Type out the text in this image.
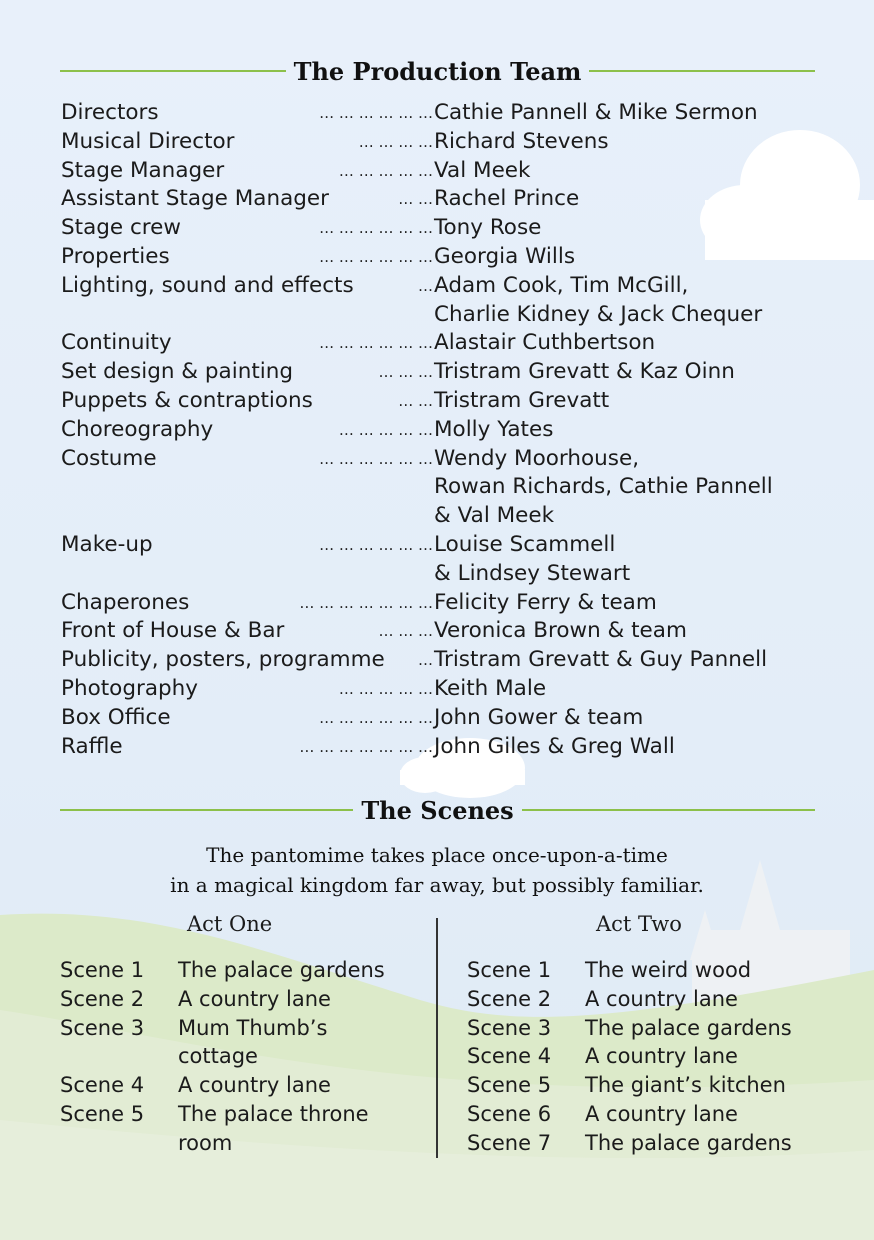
The Production Team
Directors	… … … … … … Cathie Pannell & Mike Sermon
Musical Director	… … … … Richard Stevens
Stage Manager	… … … … … Val Meek
Assistant Stage Manager	… … Rachel Prince
Stage crew	… … … … … … Tony Rose
Properties	… … … … … … Georgia Wills
Lighting, sound and effects	… Adam Cook, Tim McGill,
Charlie Kidney & Jack Chequer
Continuity	… … … … … … Alastair Cuthbertson
Set design & painting	… … … Tristram Grevatt & Kaz Oinn
Puppets & contraptions	… … Tristram Grevatt
Choreography	… … … … … Molly Yates
Costume	… … … … … … Wendy Moorhouse,
Rowan Richards, Cathie Pannell
& Val Meek
Make-up	… … … … … … Louise Scammell
& Lindsey Stewart
Chaperones	… … … … … … … Felicity Ferry & team
Front of House & Bar	… … … Veronica Brown & team
Publicity, posters, programme … Tristram Grevatt & Guy Pannell
Photography	… … … … … Keith Male
Box Office	… … … … … … John Gower & team
Raffle	… … … … … … … John Giles & Greg Wall
The Scenes
The pantomime takes place once-upon-a-time
in a magical kingdom far away, but possibly familiar.
Act One	Act Two
Scene 1	The palace gardens
Scene 2	A country lane
Scene 3	Mum Thumb’s
cottage
Scene 4	A country lane
Scene 5	The palace throne
room
Scene 1	The weird wood
Scene 2	A country lane
Scene 3	The palace gardens
Scene 4	A country lane
Scene 5	The giant’s kitchen
Scene 6	A country lane
Scene 7	The palace gardens
